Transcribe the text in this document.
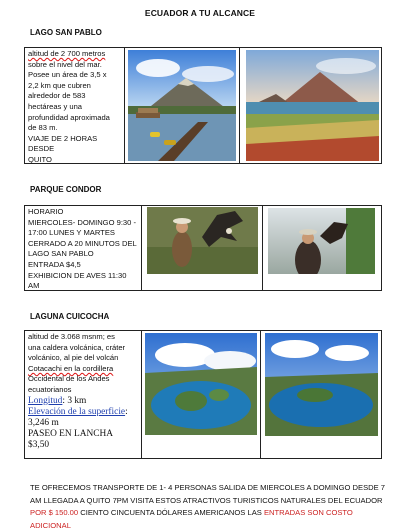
ECUADOR A TU ALCANCE
LAGO SAN PABLO
altitud de 2 700 metros
sobre el nivel del mar.
Posee un área de 3,5 x
2,2 km que cubren
alrededor de 583
hectáreas y una
profundidad aproximada
de 83 m.
VIAJE DE 2 HORAS DESDE
QUITO
PARQUE CONDOR
HORARIO
MIERCOLES- DOMINGO 9:30 -
17:00 LUNES Y MARTES
CERRADO A 20 MINUTOS DEL
LAGO SAN PABLO
ENTRADA $4,5
EXHIBICION DE AVES 11:30
AM
LAGUNA CUICOCHA
altitud de 3.068 msnm; es
una caldera volcánica, cráter
volcánico, al pie del volcán
Cotacachi en la cordillera
Occidental de los Andes
ecuatorianos
Longitud: 3 km
Elevación de la superficie:
3,246 m
PASEO EN LANCHA
$3,50
TE OFRECEMOS TRANSPORTE DE 1- 4 PERSONAS SALIDA DE MIERCOLES A DOMINGO DESDE 7 AM LLEGADA A QUITO 7PM VISITA ESTOS ATRACTIVOS TURISTICOS NATURALES DEL ECUADOR POR $ 150.00 CIENTO CINCUENTA DÓLARES AMERICANOS LAS ENTRADAS SON COSTO ADICIONAL
